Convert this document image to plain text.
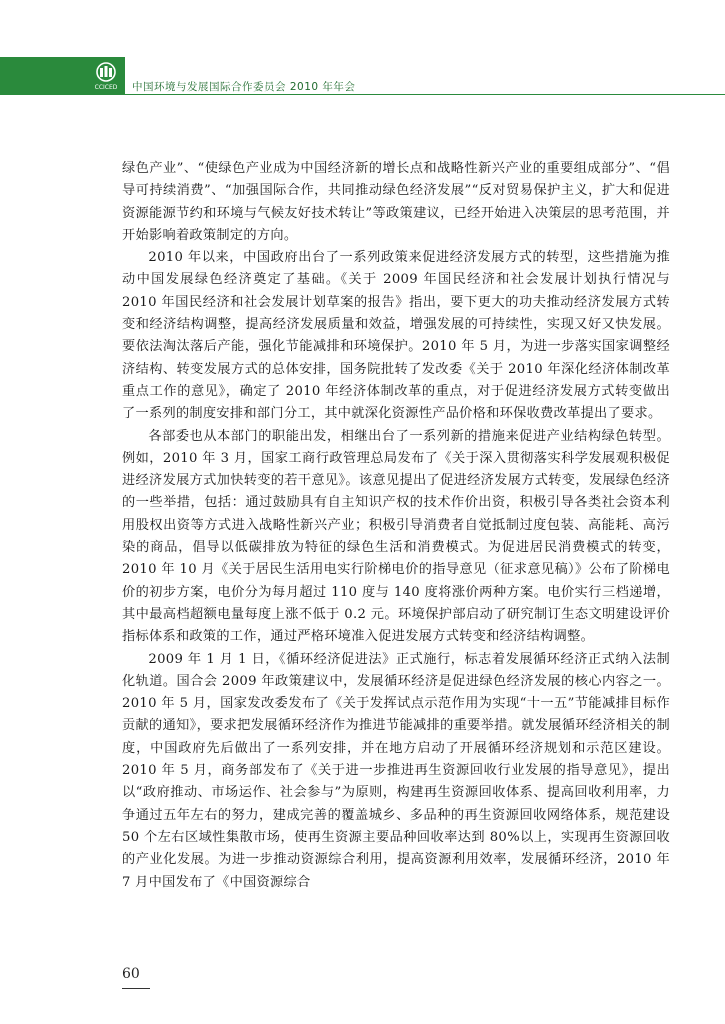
CCICED 中国环境与发展国际合作委员会 2010 年年会

绿色产业”、“使绿色产业成为中国经济新的增长点和战略性新兴产业的重要组成部分”、“倡导可持续消费”、“加强国际合作，共同推动绿色经济发展”“反对贸易保护主义，扩大和促进资源能源节约和环境与气候友好技术转让”等政策建议，已经开始进入决策层的思考范围，并开始影响着政策制定的方向。

2010 年以来，中国政府出台了一系列政策来促进经济发展方式的转型，这些措施为推动中国发展绿色经济奠定了基础。《关于 2009 年国民经济和社会发展计划执行情况与 2010 年国民经济和社会发展计划草案的报告》指出，要下更大的功夫推动经济发展方式转变和经济结构调整，提高经济发展质量和效益，增强发展的可持续性，实现又好又快发展。要依法淘汰落后产能，强化节能减排和环境保护。2010 年 5 月，为进一步落实国家调整经济结构、转变发展方式的总体安排，国务院批转了发改委《关于 2010 年深化经济体制改革重点工作的意见》，确定了 2010 年经济体制改革的重点，对于促进经济发展方式转变做出了一系列的制度安排和部门分工，其中就深化资源性产品价格和环保收费改革提出了要求。

各部委也从本部门的职能出发，相继出台了一系列新的措施来促进产业结构绿色转型。例如，2010 年 3 月，国家工商行政管理总局发布了《关于深入贯彻落实科学发展观积极促进经济发展方式加快转变的若干意见》。该意见提出了促进经济发展方式转变，发展绿色经济的一些举措，包括：通过鼓励具有自主知识产权的技术作价出资，积极引导各类社会资本利用股权出资等方式进入战略性新兴产业；积极引导消费者自觉抵制过度包装、高能耗、高污染的商品，倡导以低碳排放为特征的绿色生活和消费模式。为促进居民消费模式的转变，2010 年 10 月《关于居民生活用电实行阶梯电价的指导意见（征求意见稿）》公布了阶梯电价的初步方案，电价分为每月超过 110 度与 140 度将涨价两种方案。电价实行三档递增，其中最高档超额电量每度上涨不低于 0.2 元。环境保护部启动了研究制订生态文明建设评价指标体系和政策的工作，通过严格环境准入促进发展方式转变和经济结构调整。

2009 年 1 月 1 日，《循环经济促进法》正式施行，标志着发展循环经济正式纳入法制化轨道。国合会 2009 年政策建议中，发展循环经济是促进绿色经济发展的核心内容之一。2010 年 5 月，国家发改委发布了《关于发挥试点示范作用为实现“十一五”节能减排目标作贡献的通知》，要求把发展循环经济作为推进节能减排的重要举措。就发展循环经济相关的制度，中国政府先后做出了一系列安排，并在地方启动了开展循环经济规划和示范区建设。2010 年 5 月，商务部发布了《关于进一步推进再生资源回收行业发展的指导意见》，提出以“政府推动、市场运作、社会参与”为原则，构建再生资源回收体系、提高回收利用率，力争通过五年左右的努力，建成完善的覆盖城乡、多品种的再生资源回收网络体系，规范建设 50 个左右区域性集散市场，使再生资源主要品种回收率达到 80%以上，实现再生资源回收的产业化发展。为进一步推动资源综合利用，提高资源利用效率，发展循环经济，2010 年 7 月中国发布了《中国资源综合

60
